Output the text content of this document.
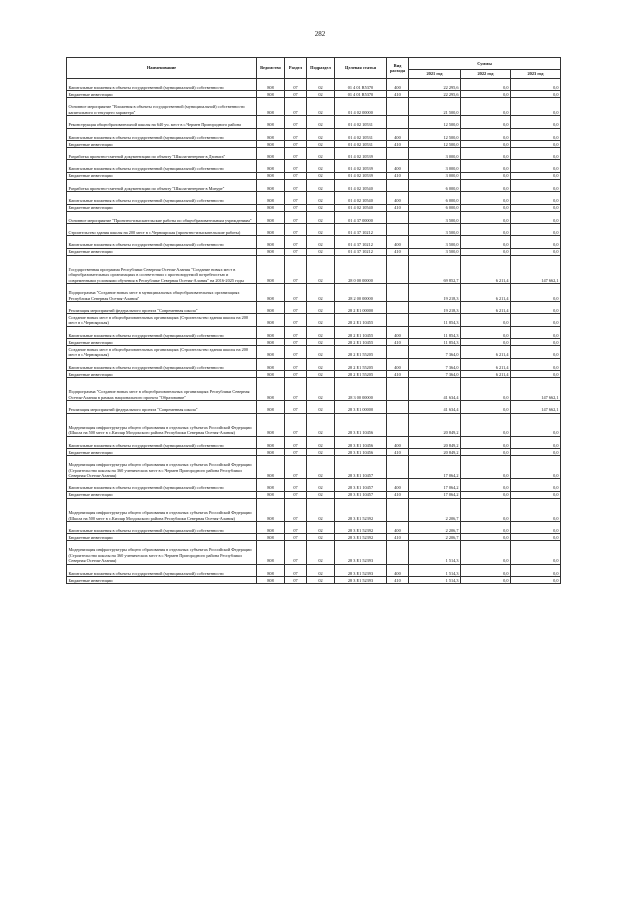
282
Наименование	Ведомство	Раздел	Подраздел	Целевая статья	Вид расхода	Суммы		
						2021 год	2022 год	2023 год
Капитальные вложения в объекты государственной (муниципальной) собственности	808	07	02	01 4 01 R5370	400	22 295,6	0,0	0,0
Бюджетные инвестиции	808	07	02	01 4 01 R5370	410	22 295,6	0,0	0,0
Основное мероприятие "Вложения в объекты государственной (муниципальной) собственности капитального и текущего характера"	808	07	02	01 4 02 00000		21 500,0	0,0	0,0
Реконструкция общеобразовательной школы на 640 уч. мест в с.Чермен Пригородного района	808	07	02	01 4 02 10531		12 500,0	0,0	0,0
Капитальные вложения в объекты государственной (муниципальной) собственности	808	07	02	01 4 02 10531	400	12 500,0	0,0	0,0
Бюджетные инвестиции	808	07	02	01 4 02 10531	410	12 500,0	0,0	0,0
Разработка проектно-сметной документации по объекту "Школа-интернат в Дзинага"	808	07	02	01 4 02 10539		3 000,0	0,0	0,0
Капитальные вложения в объекты государственной (муниципальной) собственности	808	07	02	01 4 02 10539	400	3 000,0	0,0	0,0
Бюджетные инвестиции	808	07	02	01 4 02 10539	410	3 000,0	0,0	0,0
Разработка проектно-сметной документации по объекту "Школа-интернат в Мизуре"	808	07	02	01 4 02 10540		6 000,0	0,0	0,0
Капитальные вложения в объекты государственной (муниципальной) собственности	808	07	02	01 4 02 10540	400	6 000,0	0,0	0,0
Бюджетные инвестиции	808	07	02	01 4 02 10540	410	6 000,0	0,0	0,0
Основное мероприятие "Проектно-изыскательские работы по общеобразовательным учреждениям"	808	07	02	01 4 37 00000		3 500,0	0,0	0,0
Строительство здания школы на 200 мест в с.Черноярская (проектно-изыскательские работы)	808	07	02	01 4 37 10212		3 500,0	0,0	0,0
Капитальные вложения в объекты государственной (муниципальной) собственности	808	07	02	01 4 37 10212	400	3 500,0	0,0	0,0
Бюджетные инвестиции	808	07	02	01 4 37 10212	410	3 500,0	0,0	0,0
Государственная программа Республики Северная Осетия-Алания "Создание новых мест в общеобразовательных организациях в соответствии с прогнозируемой потребностью и современными условиями обучения в Республике Северная Осетия-Алания" на 2016-2025 годы	808	07	02	28 0 00 00000		69 852,7	6 211,4	147 662,1
Подпрограмма "Создание новых мест в муниципальных общеобразовательных организациях Республики Северная Осетия-Алания"	808	07	02	28 2 00 00000		19 218,3	6 211,4	0,0
Реализация мероприятий федерального проекта "Современная школа"	808	07	02	28 2 E1 00000		19 218,3	6 211,4	0,0
Создание новых мест в общеобразовательных организациях (Строительство здания школы на 200 мест в с.Черноярская)	808	07	02	28 2 E1 10455		11 854,3	0,0	0,0
Капитальные вложения в объекты государственной (муниципальной) собственности	808	07	02	28 2 E1 10455	400	11 854,3	0,0	0,0
Бюджетные инвестиции	808	07	02	28 2 E1 10455	410	11 854,3	0,0	0,0
Создание новых мест в общеобразовательных организациях (Строительство здания школы на 200 мест в с.Черноярская)	808	07	02	28 2 E1 55205		7 364,0	6 211,4	0,0
Капитальные вложения в объекты государственной (муниципальной) собственности	808	07	02	28 2 E1 55205	400	7 364,0	6 211,4	0,0
Бюджетные инвестиции	808	07	02	28 2 E1 55205	410	7 364,0	6 211,4	0,0
Подпрограмма "Создание новых мест в общеобразовательных организациях Республики Северная Осетия-Алания в рамках национального проекта "Образование"	808	07	02	28 3 00 00000		41 634,4	0,0	147 662,1
Реализация мероприятий федерального проекта "Современная школа"	808	07	02	28 3 E1 00000		41 634,4	0,0	147 662,1
Модернизация инфраструктуры общего образования в отдельных субъектах Российской Федерации (Школа на 500 мест в с.Кизляр Моздокского района Республики Северная Осетия-Алания)	808	07	02	28 3 E1 10456		20 849,2	0,0	0,0
Капитальные вложения в объекты государственной (муниципальной) собственности	808	07	02	28 3 E1 10456	400	20 849,2	0,0	0,0
Бюджетные инвестиции	808	07	02	28 3 E1 10456	410	20 849,2	0,0	0,0
Модернизация инфраструктуры общего образования в отдельных субъектах Российской Федерации (Строительство школы на 360 ученических мест в с.Чермен Пригородного района Республики Северная Осетия-Алания)	808	07	02	28 3 E1 10457		17 064,2	0,0	0,0
Капитальные вложения в объекты государственной (муниципальной) собственности	808	07	02	28 3 E1 10457	400	17 064,2	0,0	0,0
Бюджетные инвестиции	808	07	02	28 3 E1 10457	410	17 064,2	0,0	0,0
Модернизация инфраструктуры общего образования в отдельных субъектах Российской Федерации (Школа на 500 мест в с.Кизляр Моздокского района Республики Северная Осетия-Алания)	808	07	02	28 3 E1 52392		2 206,7	0,0	0,0
Капитальные вложения в объекты государственной (муниципальной) собственности	808	07	02	28 3 E1 52392	400	2 206,7	0,0	0,0
Бюджетные инвестиции	808	07	02	28 3 E1 52392	410	2 206,7	0,0	0,0
Модернизация инфраструктуры общего образования в отдельных субъектах Российской Федерации (Строительство школы на 360 ученических мест в с.Чермен Пригородного района Республики Северная Осетия-Алания)	808	07	02	28 3 E1 52393		1 514,3	0,0	0,0
Капитальные вложения в объекты государственной (муниципальной) собственности	808	07	02	28 3 E1 52393	400	1 514,3	0,0	0,0
Бюджетные инвестиции	808	07	02	28 3 E1 52393	410	1 514,3	0,0	0,0
